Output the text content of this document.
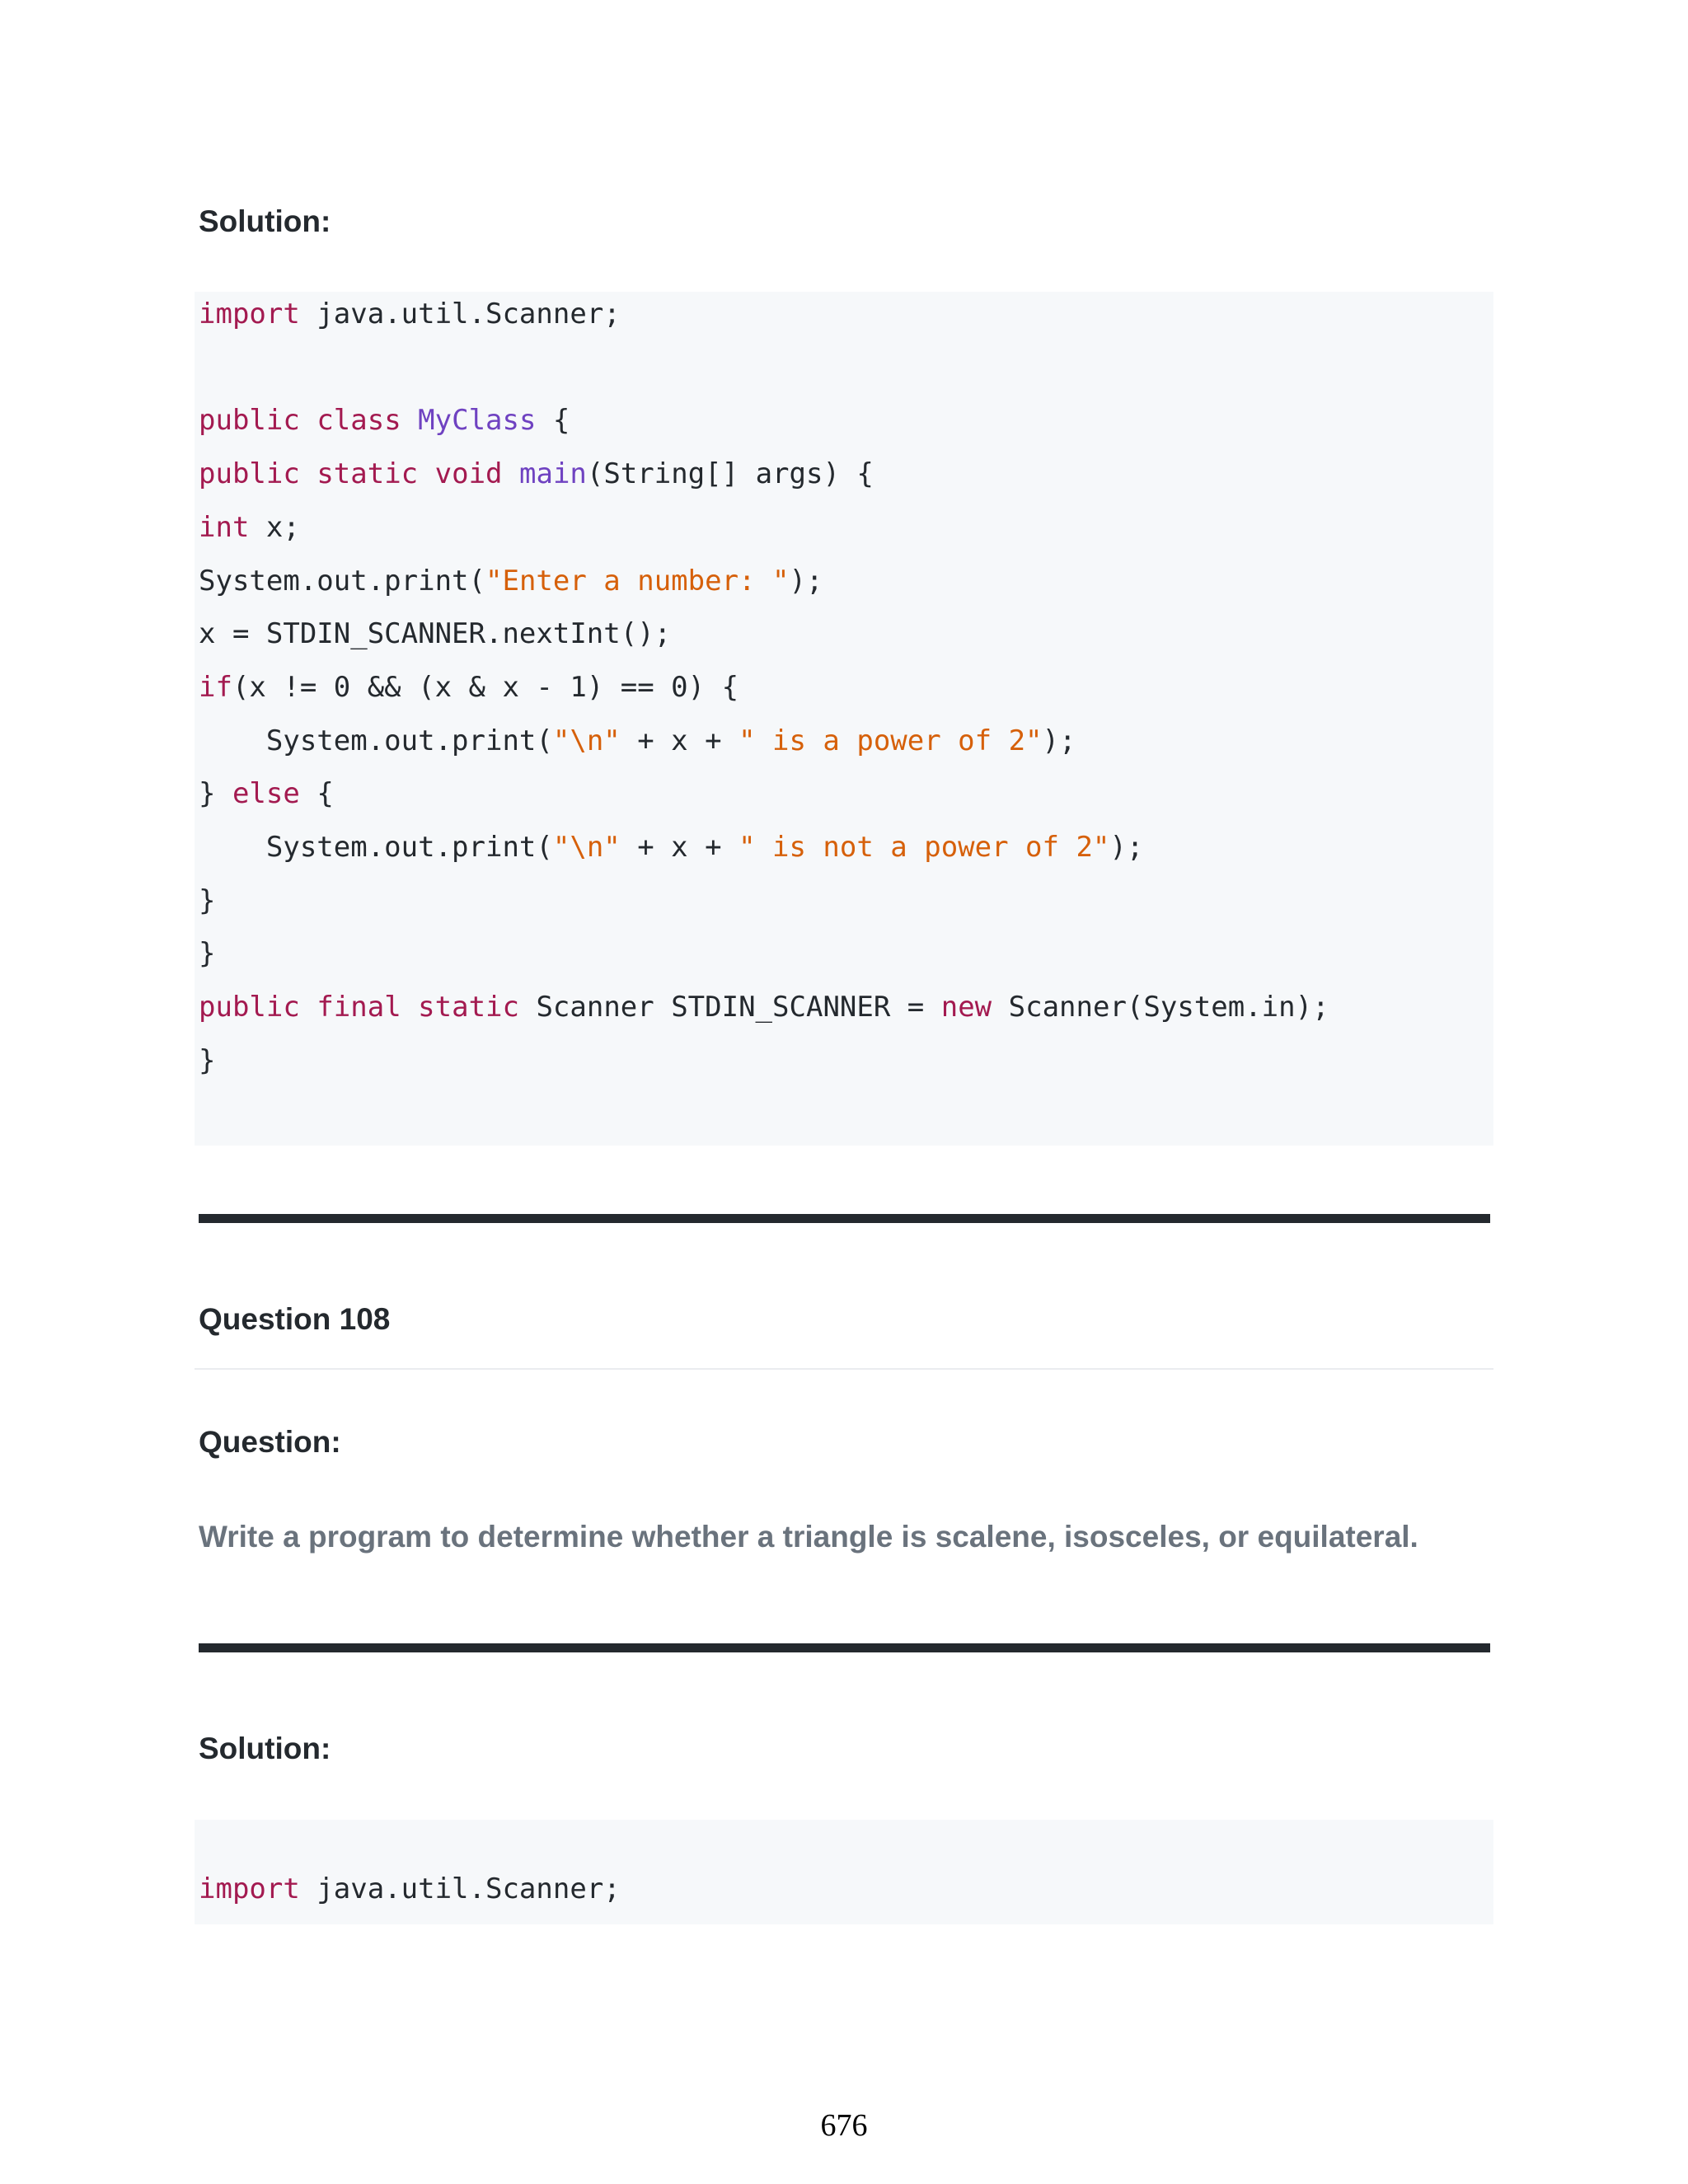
Solution:
import java.util.Scanner;
public class MyClass {
public static void main(String[] args) {
int x;
System.out.print("Enter a number: ");
x = STDIN_SCANNER.nextInt();
if(x != 0 && (x & x - 1) == 0) {
System.out.print("\n" + x + " is a power of 2");
} else {
System.out.print("\n" + x + " is not a power of 2");
}
}
public final static Scanner STDIN_SCANNER = new Scanner(System.in);
}
Question 108
Question:
Write a program to determine whether a triangle is scalene, isosceles, or equilateral.
Solution:
import java.util.Scanner;
676
